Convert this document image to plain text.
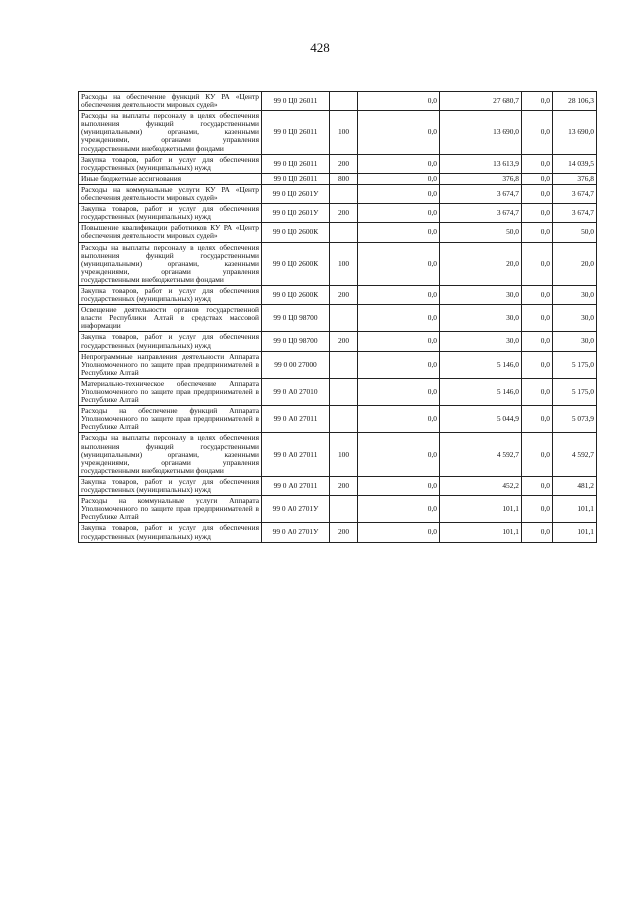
428
Расходы на обеспечение функций КУ РА «Центр обеспечения деятельности мировых судей»	99 0 Ц0 26011		0,0	27 680,7	0,0	28 106,3
Расходы на выплаты персоналу в целях обеспечения выполнения функций государственными (муниципальными) органами, казенными учреждениями, органами управления государственными внебюджетными фондами	99 0 Ц0 26011	100	0,0	13 690,0	0,0	13 690,0
Закупка товаров, работ и услуг для обеспечения государственных (муниципальных) нужд	99 0 Ц0 26011	200	0,0	13 613,9	0,0	14 039,5
Иные бюджетные ассигнования	99 0 Ц0 26011	800	0,0	376,8	0,0	376,8
Расходы на коммунальные услуги КУ РА «Центр обеспечения деятельности мировых судей»	99 0 Ц0 2601У		0,0	3 674,7	0,0	3 674,7
Закупка товаров, работ и услуг для обеспечения государственных (муниципальных) нужд	99 0 Ц0 2601У	200	0,0	3 674,7	0,0	3 674,7
Повышение квалификации работников КУ РА «Центр обеспечения деятельности мировых судей»	99 0 Ц0 2600К		0,0	50,0	0,0	50,0
Расходы на выплаты персоналу в целях обеспечения выполнения функций государственными (муниципальными) органами, казенными учреждениями, органами управления государственными внебюджетными фондами	99 0 Ц0 2600К	100	0,0	20,0	0,0	20,0
Закупка товаров, работ и услуг для обеспечения государственных (муниципальных) нужд	99 0 Ц0 2600К	200	0,0	30,0	0,0	30,0
Освещение деятельности органов государственной власти Республики Алтай в средствах массовой информации	99 0 Ц0 98700		0,0	30,0	0,0	30,0
Закупка товаров, работ и услуг для обеспечения государственных (муниципальных) нужд	99 0 Ц0 98700	200	0,0	30,0	0,0	30,0
Непрограммные направления деятельности Аппарата Уполномоченного по защите прав предпринимателей в Республике Алтай	99 0 00 27000		0,0	5 146,0	0,0	5 175,0
Материально-техническое обеспечение Аппарата Уполномоченного по защите прав предпринимателей в Республике Алтай	99 0 А0 27010		0,0	5 146,0	0,0	5 175,0
Расходы на обеспечение функций Аппарата Уполномоченного по защите прав предпринимателей в Республике Алтай	99 0 А0 27011		0,0	5 044,9	0,0	5 073,9
Расходы на выплаты персоналу в целях обеспечения выполнения функций государственными (муниципальными) органами, казенными учреждениями, органами управления государственными внебюджетными фондами	99 0 А0 27011	100	0,0	4 592,7	0,0	4 592,7
Закупка товаров, работ и услуг для обеспечения государственных (муниципальных) нужд	99 0 А0 27011	200	0,0	452,2	0,0	481,2
Расходы на коммунальные услуги Аппарата Уполномоченного по защите прав предпринимателей в Республике Алтай	99 0 А0 2701У		0,0	101,1	0,0	101,1
Закупка товаров, работ и услуг для обеспечения государственных (муниципальных) нужд	99 0 А0 2701У	200	0,0	101,1	0,0	101,1
